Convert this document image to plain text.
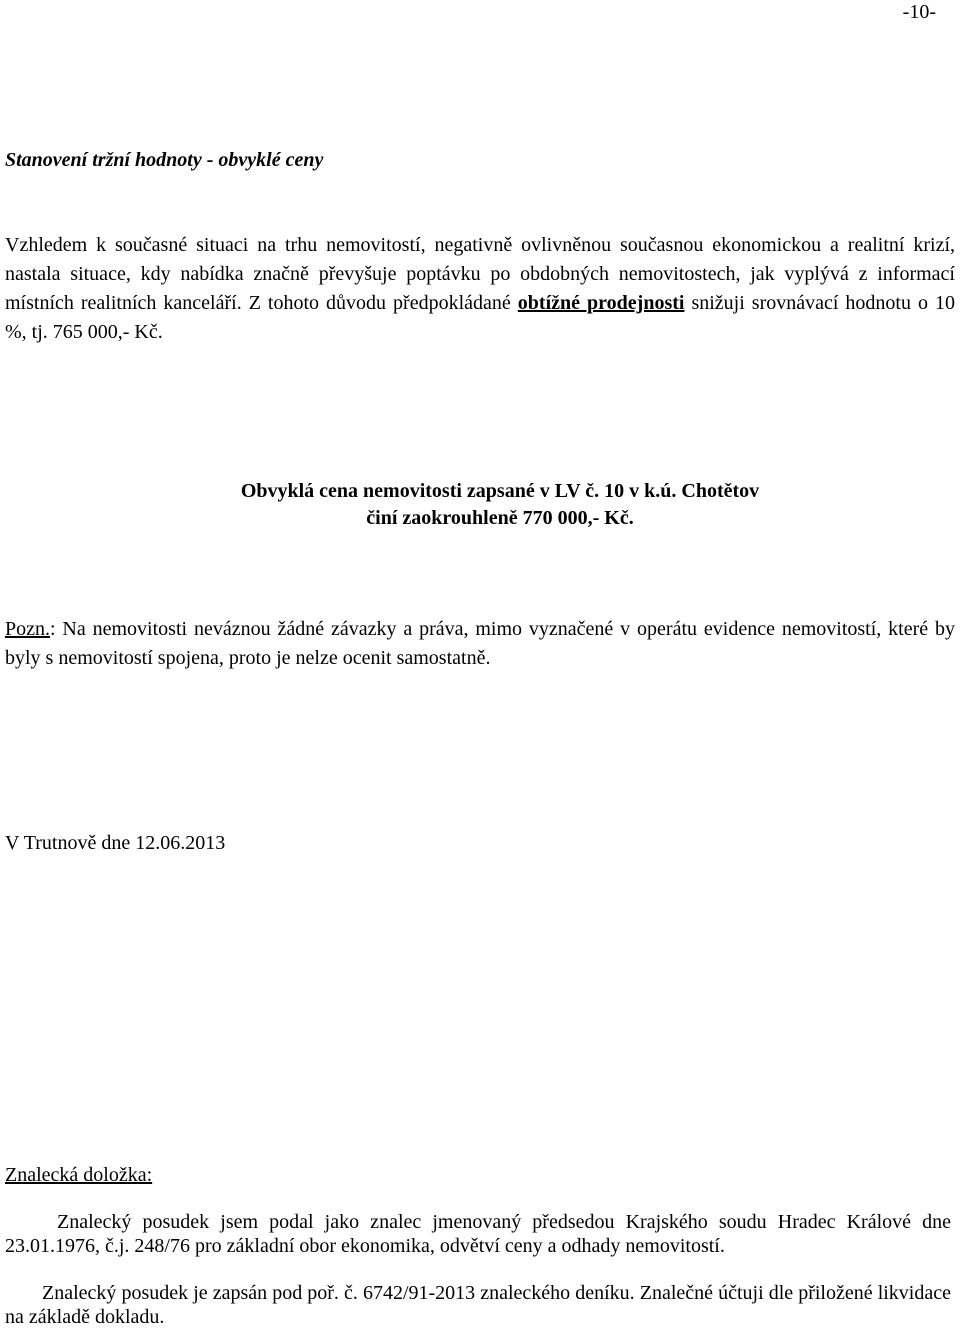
-10-
Stanovení tržní hodnoty - obvyklé ceny
Vzhledem k současné situaci na trhu nemovitostí, negativně ovlivněnou současnou ekonomickou a realitní krizí, nastala situace, kdy nabídka značně převyšuje poptávku po obdobných nemovitostech, jak vyplývá z informací místních realitních kanceláří. Z tohoto důvodu předpokládané obtížné prodejnosti snižuji srovnávací hodnotu o 10 %, tj. 765 000,- Kč.
Obvyklá cena nemovitosti zapsané v LV č. 10 v k.ú. Chotětov
činí zaokrouhleně 770 000,- Kč.
Pozn.: Na nemovitosti neváznou žádné závazky a práva, mimo vyznačené v operátu evidence nemovitostí, které by byly s nemovitostí spojena, proto je nelze ocenit samostatně.
V Trutnově dne 12.06.2013
Znalecká doložka:
Znalecký posudek jsem podal jako znalec jmenovaný předsedou Krajského soudu Hradec Králové dne 23.01.1976, č.j. 248/76 pro základní obor ekonomika, odvětví ceny a odhady nemovitostí.
Znalecký posudek je zapsán pod poř. č. 6742/91-2013 znaleckého deníku. Znalečné účtuji dle přiložené likvidace na základě dokladu.
